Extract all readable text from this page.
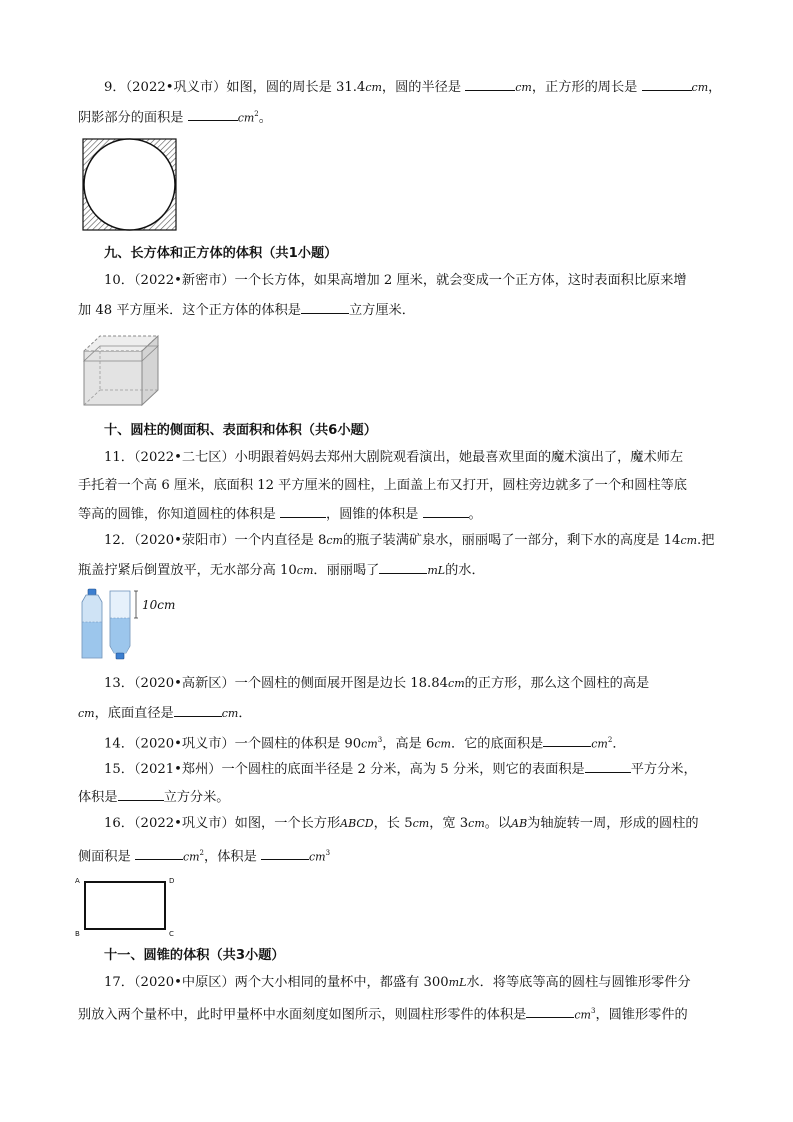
9．（2022•巩义市）如图，圆的周长是 31.4cm，圆的半径是	cm，正方形的周长是	cm，
阴影部分的面积是	$cm^2$。
九、长方体和正方体的体积（共1小题）
10．（2022•新密市）一个长方体，如果高增加 2 厘米，就会变成一个正方体，这时表面积比原来增
加 48 平方厘米．这个正方体的体积是	立方厘米．
十、圆柱的侧面积、表面积和体积（共6小题）
11．（2022•二七区）小明跟着妈妈去郑州大剧院观看演出，她最喜欢里面的魔术演出了，魔术师左
手托着一个高 6 厘米，底面积 12 平方厘米的圆柱，上面盖上布又打开，圆柱旁边就多了一个和圆柱等底
等高的圆锥，你知道圆柱的体积是	，圆锥的体积是	。
12．（2020•荥阳市）一个内直径是 8cm的瓶子装满矿泉水，丽丽喝了一部分，剩下水的高度是 14cm.把
瓶盖拧紧后倒置放平，无水部分高 10cm．丽丽喝了	mL的水．
10cm
13．（2020•高新区）一个圆柱的侧面展开图是边长 18.84cm的正方形，那么这个圆柱的高是
cm，底面直径是	cm．
14．（2020•巩义市）一个圆柱的体积是 $90cm^3$，高是 6cm．它的底面积是	$cm^2$．
15．（2021•郑州）一个圆柱的底面半径是 2 分米，高为 5 分米，则它的表面积是	平方分米，
体积是	立方分米。
16．（2022•巩义市）如图，一个长方形ABCD，长 5cm，宽 3cm。以AB为轴旋转一周，形成的圆柱的
侧面积是	$cm^2$，体积是	$cm^3$
A
B	C
D
十一、圆锥的体积（共3小题）
17．（2020•中原区）两个大小相同的量杯中，都盛有 300mL水．将等底等高的圆柱与圆锥形零件分
别放入两个量杯中，此时甲量杯中水面刻度如图所示，则圆柱形零件的体积是	$cm^3$，圆锥形零件的
